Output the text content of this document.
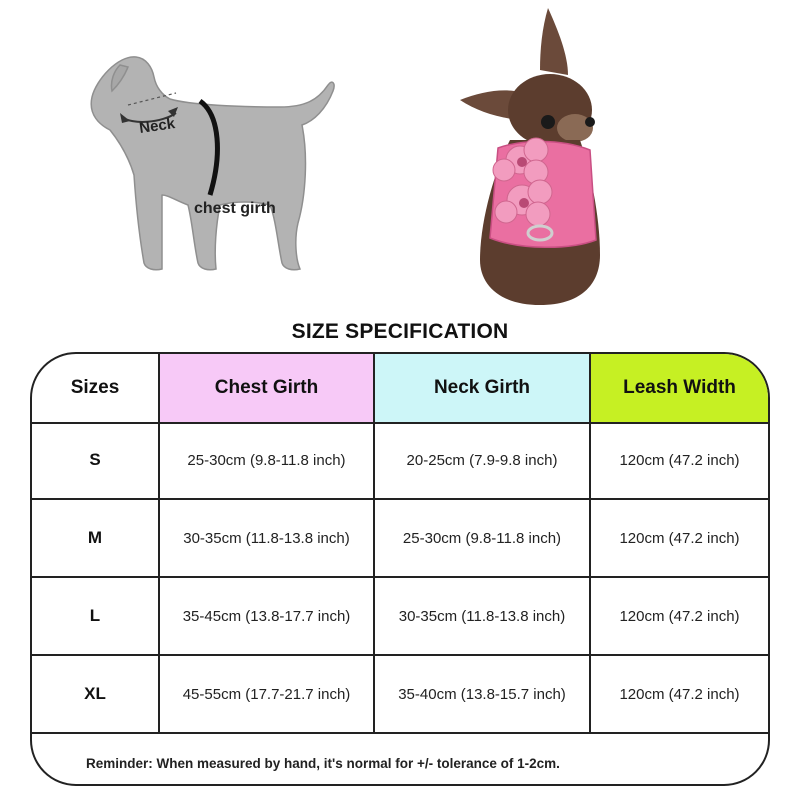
Neck
chest girth
SIZE SPECIFICATION
Sizes	Chest Girth	Neck Girth	Leash Width
S	25-30cm (9.8-11.8 inch)	20-25cm (7.9-9.8 inch)	120cm (47.2 inch)
M	30-35cm (11.8-13.8 inch)	25-30cm (9.8-11.8 inch)	120cm (47.2 inch)
L	35-45cm (13.8-17.7 inch)	30-35cm (11.8-13.8 inch)	120cm (47.2 inch)
XL	45-55cm (17.7-21.7 inch)	35-40cm (13.8-15.7 inch)	120cm (47.2 inch)
Reminder: When measured by hand, it's normal for +/- tolerance of 1-2cm.
